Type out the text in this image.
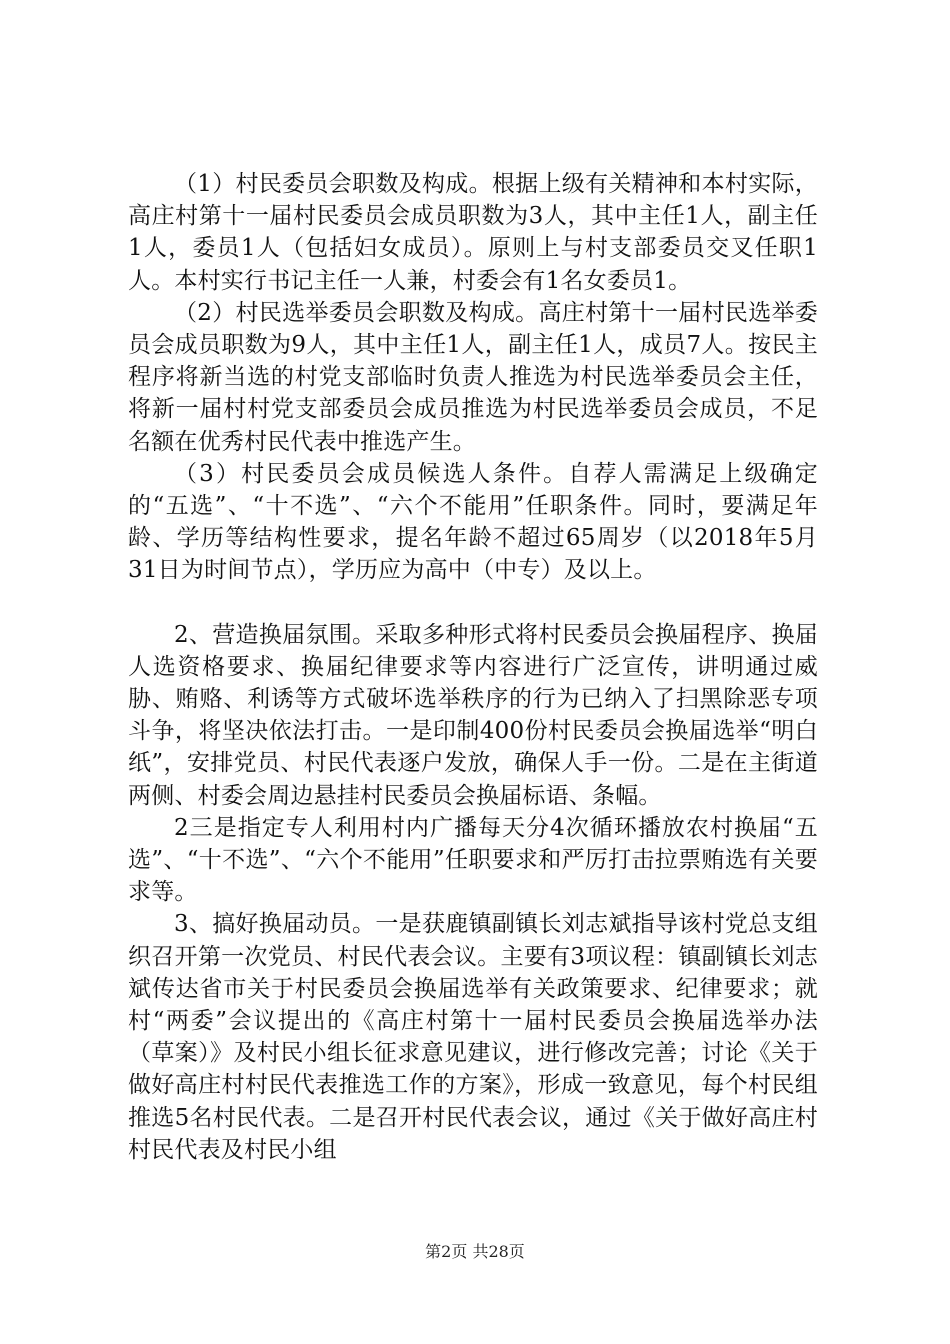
（1）村民委员会职数及构成。根据上级有关精神和本村实际，高庄村第十一届村民委员会成员职数为3人，其中主任1人，副主任1人，委员1人（包括妇女成员）。原则上与村支部委员交叉任职1人。本村实行书记主任一人兼，村委会有1名女委员1。

（2）村民选举委员会职数及构成。高庄村第十一届村民选举委员会成员职数为9人，其中主任1人，副主任1人，成员7人。按民主程序将新当选的村党支部临时负责人推选为村民选举委员会主任，将新一届村村党支部委员会成员推选为村民选举委员会成员，不足名额在优秀村民代表中推选产生。

（3）村民委员会成员候选人条件。自荐人需满足上级确定的“五选”、“十不选”、“六个不能用”任职条件。同时，要满足年龄、学历等结构性要求，提名年龄不超过65周岁（以2018年5月31日为时间节点），学历应为高中（中专）及以上。

2、营造换届氛围。采取多种形式将村民委员会换届程序、换届人选资格要求、换届纪律要求等内容进行广泛宣传，讲明通过威胁、贿赂、利诱等方式破坏选举秩序的行为已纳入了扫黑除恶专项斗争，将坚决依法打击。一是印制400份村民委员会换届选举“明白纸”，安排党员、村民代表逐户发放，确保人手一份。二是在主街道两侧、村委会周边悬挂村民委员会换届标语、条幅。

2三是指定专人利用村内广播每天分4次循环播放农村换届“五选”、“十不选”、“六个不能用”任职要求和严厉打击拉票贿选有关要求等。

3、搞好换届动员。一是获鹿镇副镇长刘志斌指导该村党总支组织召开第一次党员、村民代表会议。主要有3项议程：镇副镇长刘志斌传达省市关于村民委员会换届选举有关政策要求、纪律要求；就村“两委”会议提出的《高庄村第十一届村民委员会换届选举办法（草案）》及村民小组长征求意见建议，进行修改完善；讨论《关于做好高庄村村民代表推选工作的方案》，形成一致意见，每个村民组推选5名村民代表。二是召开村民代表会议，通过《关于做好高庄村村民代表及村民小组

第2页 共28页
